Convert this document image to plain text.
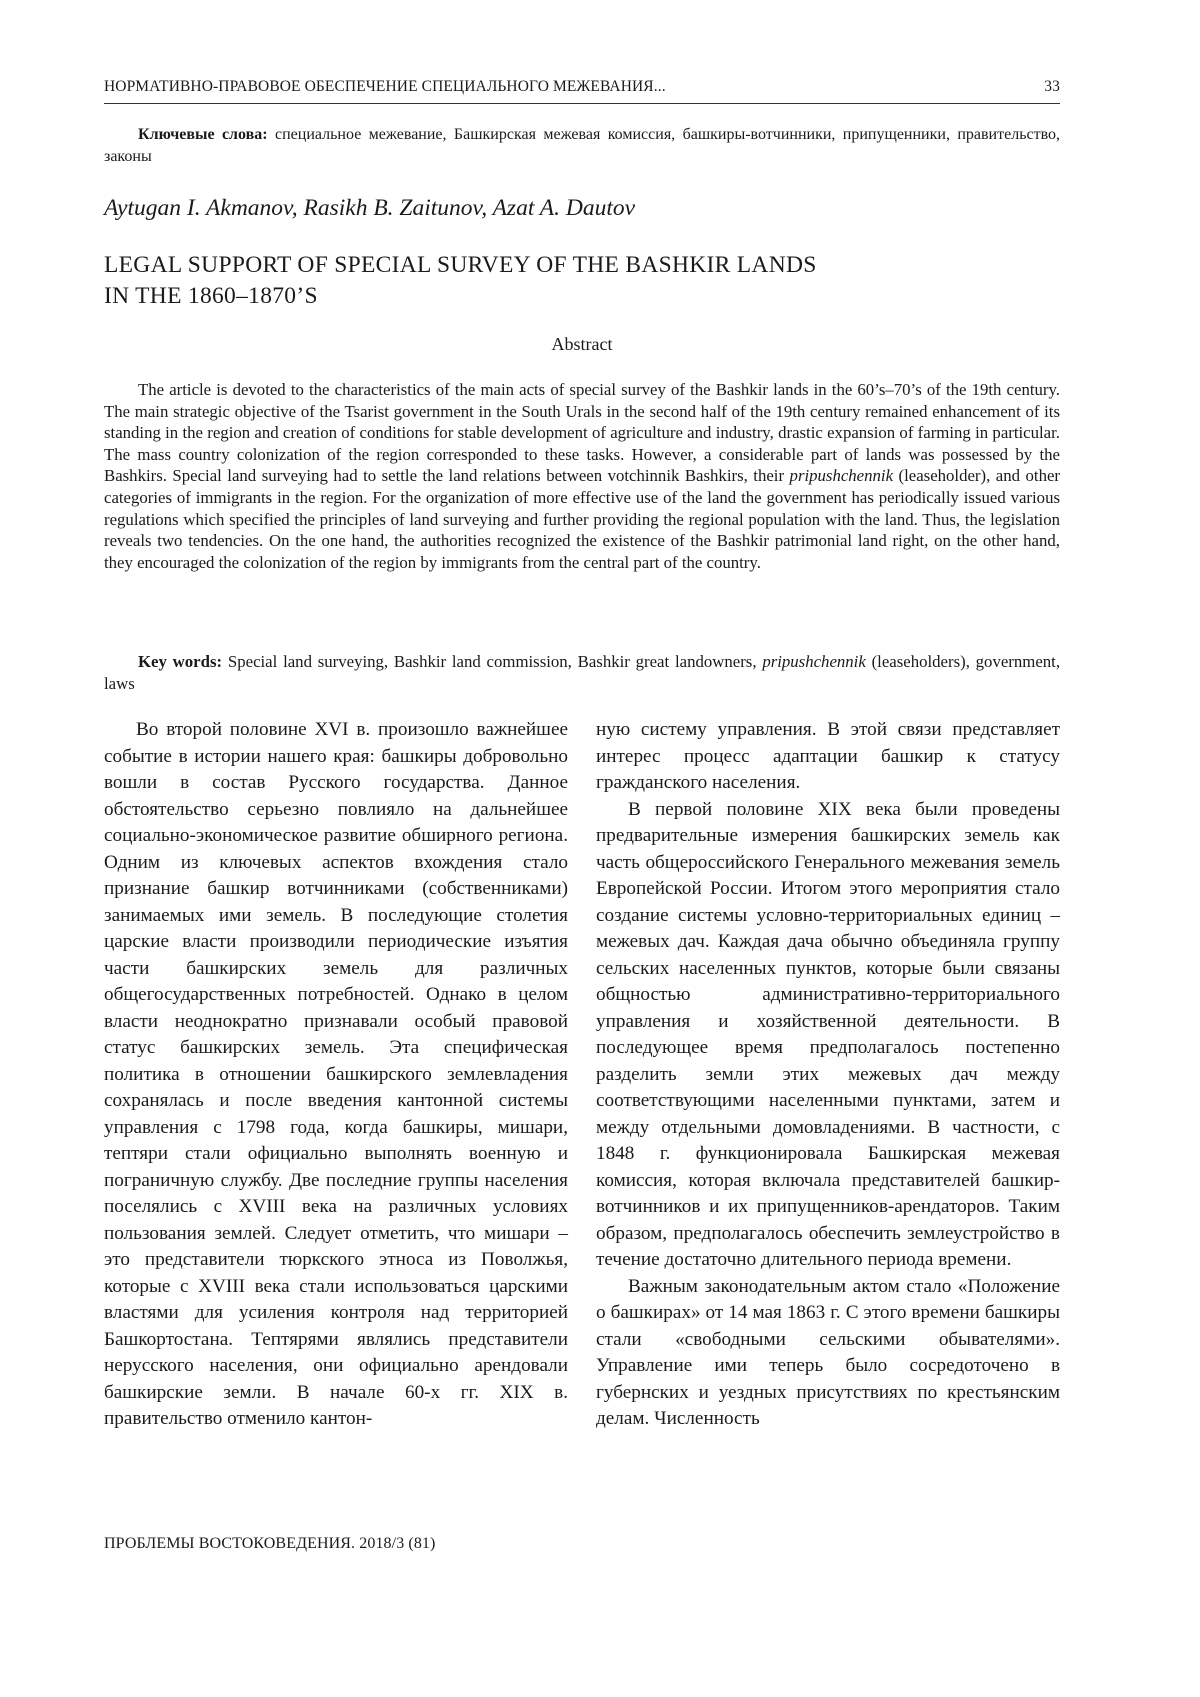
НОРМАТИВНО-ПРАВОВОЕ ОБЕСПЕЧЕНИЕ СПЕЦИАЛЬНОГО МЕЖЕВАНИЯ...	33
Ключевые слова: специальное межевание, Башкирская межевая комиссия, башкиры-вотчинники, припущенники, правительство, законы
Aytugan I. Akmanov, Rasikh B. Zaitunov, Azat A. Dautov
LEGAL SUPPORT OF SPECIAL SURVEY OF THE BASHKIR LANDS
IN THE 1860–1870’S
Abstract
The article is devoted to the characteristics of the main acts of special survey of the Bashkir lands in the 60’s–70’s of the 19th century. The main strategic objective of the Tsarist government in the South Urals in the second half of the 19th century remained enhancement of its standing in the region and creation of conditions for stable development of agriculture and industry, drastic expansion of farming in particular. The mass country colonization of the region corresponded to these tasks. However, a considerable part of lands was possessed by the Bashkirs. Special land surveying had to settle the land relations between votchinnik Bashkirs, their pripushchennik (leaseholder), and other categories of immigrants in the region. For the organization of more effective use of the land the government has periodically issued various regulations which specified the principles of land surveying and further providing the regional population with the land. Thus, the legislation reveals two tendencies. On the one hand, the authorities recognized the existence of the Bashkir patrimonial land right, on the other hand, they encouraged the colonization of the region by immigrants from the central part of the country.
Key words: Special land surveying, Bashkir land commission, Bashkir great landowners, pripushchennik (leaseholders), government, laws

Во второй половине XVI в. произошло важнейшее событие в истории нашего края: башкиры добровольно вошли в состав Русского государства. Данное обстоятельство серьезно повлияло на дальнейшее социально-экономическое развитие обширного региона. Одним из ключевых аспектов вхождения стало признание башкир вотчинниками (собственниками) занимаемых ими земель. В последующие столетия царские власти производили периодические изъятия части башкирских земель для различных общегосударственных потребностей. Однако в целом власти неоднократно признавали особый правовой статус башкирских земель. Эта специфическая политика в отношении башкирского землевладения сохранялась и после введения кантонной системы управления с 1798 года, когда башкиры, мишари, тептяри стали официально выполнять военную и пограничную службу. Две последние группы населения поселялись с XVIII века на различных условиях пользования землей. Следует отметить, что мишари – это представители тюркского этноса из Поволжья, которые с XVIII века стали использоваться царскими властями для усиления контроля над территорией Башкортостана. Тептярями являлись представители нерусского населения, они официально арендовали башкирские земли. В начале 60-х гг. XIX в. правительство отменило кантон-

ную систему управления. В этой связи представляет интерес процесс адаптации башкир к статусу гражданского населения.

В первой половине XIX века были проведены предварительные измерения башкирских земель как часть общероссийского Генерального межевания земель Европейской России. Итогом этого мероприятия стало создание системы условно-территориальных единиц – межевых дач. Каждая дача обычно объединяла группу сельских населенных пунктов, которые были связаны общностью административно-территориального управления и хозяйственной деятельности. В последующее время предполагалось постепенно разделить земли этих межевых дач между соответствующими населенными пунктами, затем и между отдельными домовладениями. В частности, с 1848 г. функционировала Башкирская межевая комиссия, которая включала представителей башкир-вотчинников и их припущенников-арендаторов. Таким образом, предполагалось обеспечить землеустройство в течение достаточно длительного периода времени.

Важным законодательным актом стало «Положение о башкирах» от 14 мая 1863 г. С этого времени башкиры стали «свободными сельскими обывателями». Управление ими теперь было сосредоточено в губернских и уездных присутствиях по крестьянским делам. Численность

ПРОБЛЕМЫ ВОСТОКОВЕДЕНИЯ. 2018/3 (81)
